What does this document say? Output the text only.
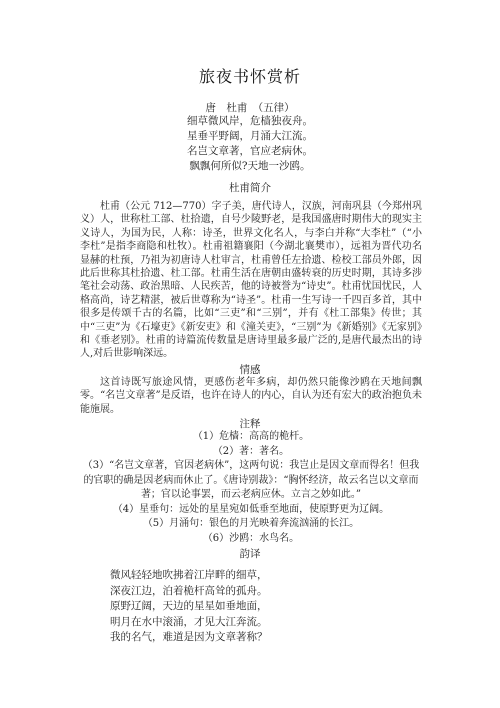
旅夜书怀赏析
唐　杜甫　（五律）
细草微风岸，危樯独夜舟。
星垂平野阔，月涌大江流。
名岂文章著，官应老病休。
飘飘何所似?天地一沙鸥。
杜甫简介
杜甫（公元 712—770）字子美，唐代诗人，汉族，河南巩县（今郑州巩义）人，世称杜工部、杜拾遗，自号少陵野老，是我国盛唐时期伟大的现实主义诗人，为国为民，人称：诗圣，世界文化名人，与李白并称“大李杜”（“小李杜”是指李商隐和杜牧）。杜甫祖籍襄阳（今湖北襄樊市），远祖为晋代功名显赫的杜预，乃祖为初唐诗人杜审言，杜甫曾任左拾遗、检校工部员外郎，因此后世称其杜拾遗、杜工部。杜甫生活在唐朝由盛转衰的历史时期，其诗多涉笔社会动荡、政治黑暗、人民疾苦，他的诗被誉为“诗史”。杜甫忧国忧民，人格高尚，诗艺精湛，被后世尊称为“诗圣”。杜甫一生写诗一千四百多首，其中很多是传颂千古的名篇，比如“三吏”和“三别”，并有《杜工部集》传世；其中“三吏”为《石壕吏》《新安吏》和《潼关吏》，“三别”为《新婚别》《无家别》和《垂老别》。杜甫的诗篇流传数量是唐诗里最多最广泛的,是唐代最杰出的诗人,对后世影响深远。
情感
这首诗既写旅途风情，更感伤老年多病，却仍然只能像沙鸥在天地间飘零。“名岂文章著”是反语，也许在诗人的内心，自认为还有宏大的政治抱负未能施展。
注释
（1）危樯：高高的桅杆。
（2）著：著名。
（3）“名岂文章著，官因老病休”，这两句说：我岂止是因文章而得名！但我的官职的确是因老病而休止了。《唐诗别裁》：“胸怀经济，故云名岂以文章而著；官以论事罢，而云老病应休。立言之妙如此。”
（4）星垂句：远处的星星宛如低垂至地面，使原野更为辽阔。
（5）月涌句：银色的月光映着奔流汹涌的长江。
（6）沙鸥：水鸟名。
韵译
微风轻轻地吹拂着江岸畔的细草，
深夜江边，泊着桅杆高耸的孤舟。
原野辽阔，天边的星星如垂地面，
明月在水中滚涌，才见大江奔流。
我的名气，难道是因为文章著称？
